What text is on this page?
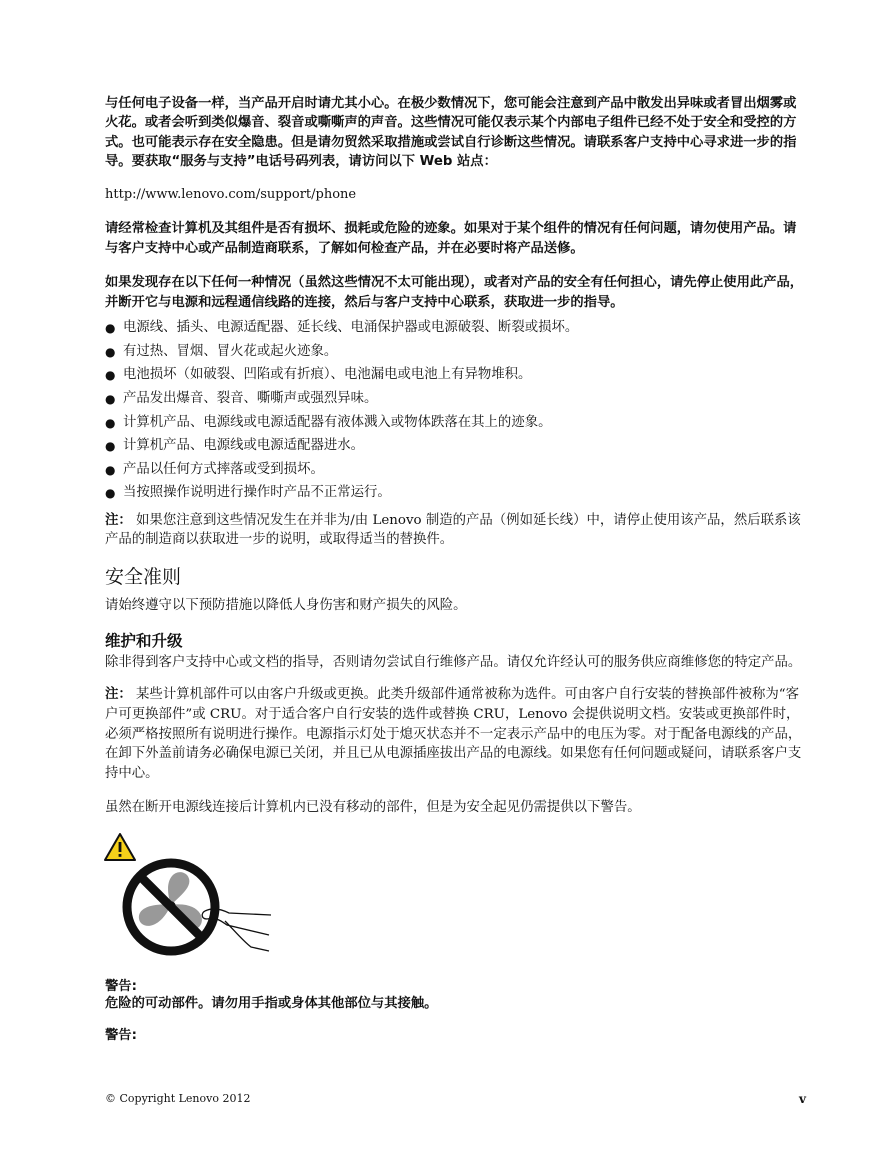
与任何电子设备一样，当产品开启时请尤其小心。在极少数情况下，您可能会注意到产品中散发出异味或者冒出烟雾或火花。或者会听到类似爆音、裂音或嘶嘶声的声音。这些情况可能仅表示某个内部电子组件已经不处于安全和受控的方式。也可能表示存在安全隐患。但是请勿贸然采取措施或尝试自行诊断这些情况。请联系客户支持中心寻求进一步的指导。要获取“服务与支持”电话号码列表，请访问以下 Web 站点：

http://www.lenovo.com/support/phone

请经常检查计算机及其组件是否有损坏、损耗或危险的迹象。如果对于某个组件的情况有任何问题，请勿使用产品。请与客户支持中心或产品制造商联系，了解如何检查产品，并在必要时将产品送修。

如果发现存在以下任何一种情况（虽然这些情况不太可能出现），或者对产品的安全有任何担心，请先停止使用此产品，并断开它与电源和远程通信线路的连接，然后与客户支持中心联系，获取进一步的指导。

● 电源线、插头、电源适配器、延长线、电涌保护器或电源破裂、断裂或损坏。
● 有过热、冒烟、冒火花或起火迹象。
● 电池损坏（如破裂、凹陷或有折痕）、电池漏电或电池上有异物堆积。
● 产品发出爆音、裂音、嘶嘶声或强烈异味。
● 计算机产品、电源线或电源适配器有液体溅入或物体跌落在其上的迹象。
● 计算机产品、电源线或电源适配器进水。
● 产品以任何方式摔落或受到损坏。
● 当按照操作说明进行操作时产品不正常运行。

注： 如果您注意到这些情况发生在并非为/由 Lenovo 制造的产品（例如延长线）中，请停止使用该产品，然后联系该产品的制造商以获取进一步的说明，或取得适当的替换件。

安全准则

请始终遵守以下预防措施以降低人身伤害和财产损失的风险。

维护和升级

除非得到客户支持中心或文档的指导，否则请勿尝试自行维修产品。请仅允许经认可的服务供应商维修您的特定产品。

注： 某些计算机部件可以由客户升级或更换。此类升级部件通常被称为选件。可由客户自行安装的替换部件被称为“客户可更换部件”或 CRU。对于适合客户自行安装的选件或替换 CRU，Lenovo 会提供说明文档。安装或更换部件时，必须严格按照所有说明进行操作。电源指示灯处于熄灭状态并不一定表示产品中的电压为零。对于配备电源线的产品，在卸下外盖前请务必确保电源已关闭，并且已从电源插座拔出产品的电源线。如果您有任何问题或疑问，请联系客户支持中心。

虽然在断开电源线连接后计算机内已没有移动的部件，但是为安全起见仍需提供以下警告。

警告:

危险的可动部件。请勿用手指或身体其他部位与其接触。

警告:

© Copyright Lenovo 2012	v
